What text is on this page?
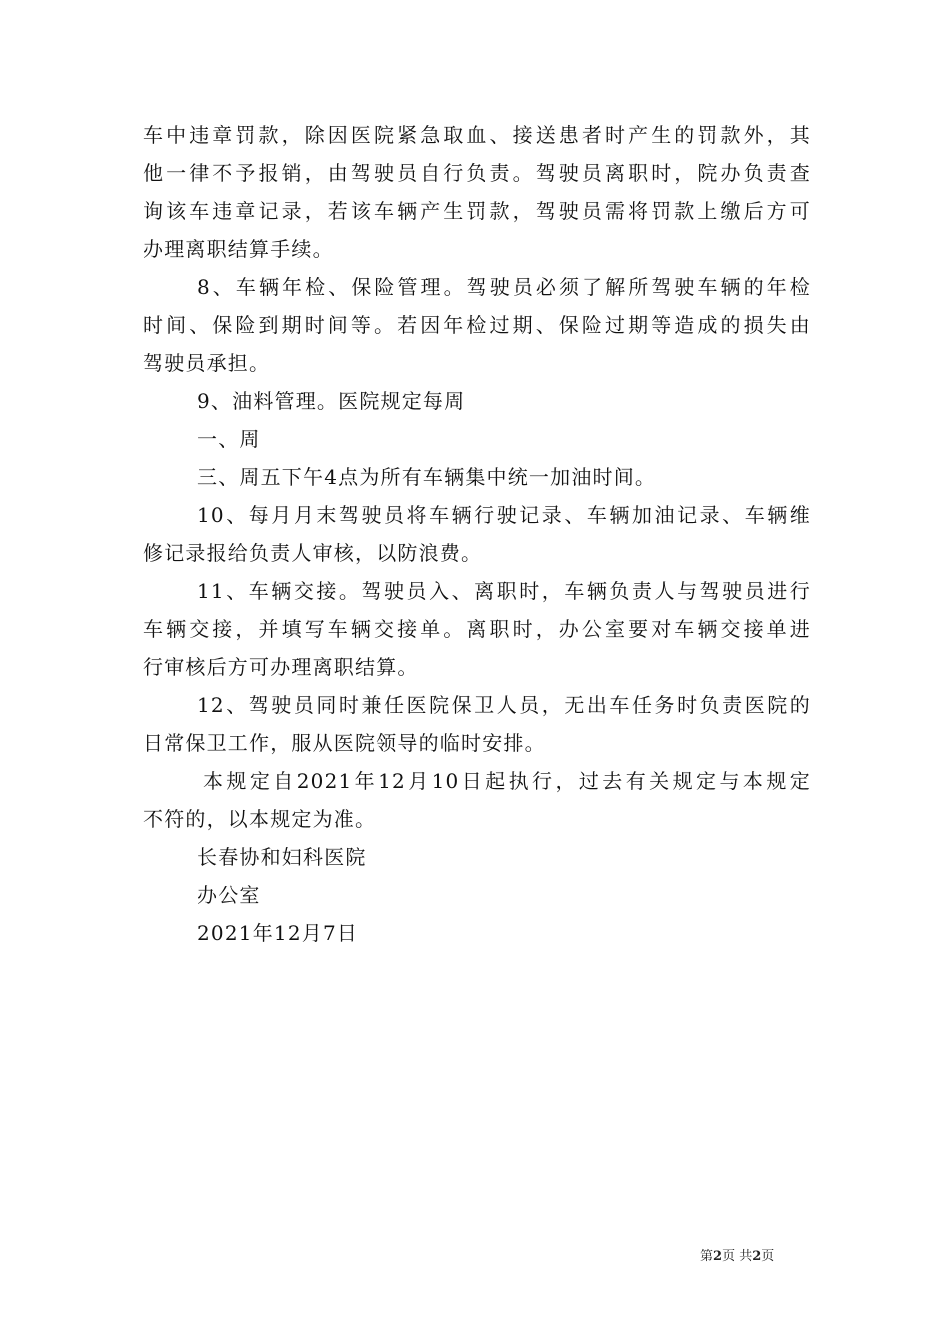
车中违章罚款，除因医院紧急取血、接送患者时产生的罚款外，其
他一律不予报销，由驾驶员自行负责。驾驶员离职时，院办负责查
询该车违章记录，若该车辆产生罚款，驾驶员需将罚款上缴后方可
办理离职结算手续。
8、车辆年检、保险管理。驾驶员必须了解所驾驶车辆的年检
时间、保险到期时间等。若因年检过期、保险过期等造成的损失由
驾驶员承担。
9、油料管理。医院规定每周
一、周
三、周五下午4点为所有车辆集中统一加油时间。
10、每月月末驾驶员将车辆行驶记录、车辆加油记录、车辆维
修记录报给负责人审核，以防浪费。
11、车辆交接。驾驶员入、离职时，车辆负责人与驾驶员进行
车辆交接，并填写车辆交接单。离职时，办公室要对车辆交接单进
行审核后方可办理离职结算。
12、驾驶员同时兼任医院保卫人员，无出车任务时负责医院的
日常保卫工作，服从医院领导的临时安排。
本规定自2021年12月10日起执行，过去有关规定与本规定
不符的，以本规定为准。
长春协和妇科医院
办公室
2021年12月7日
第2页 共2页
